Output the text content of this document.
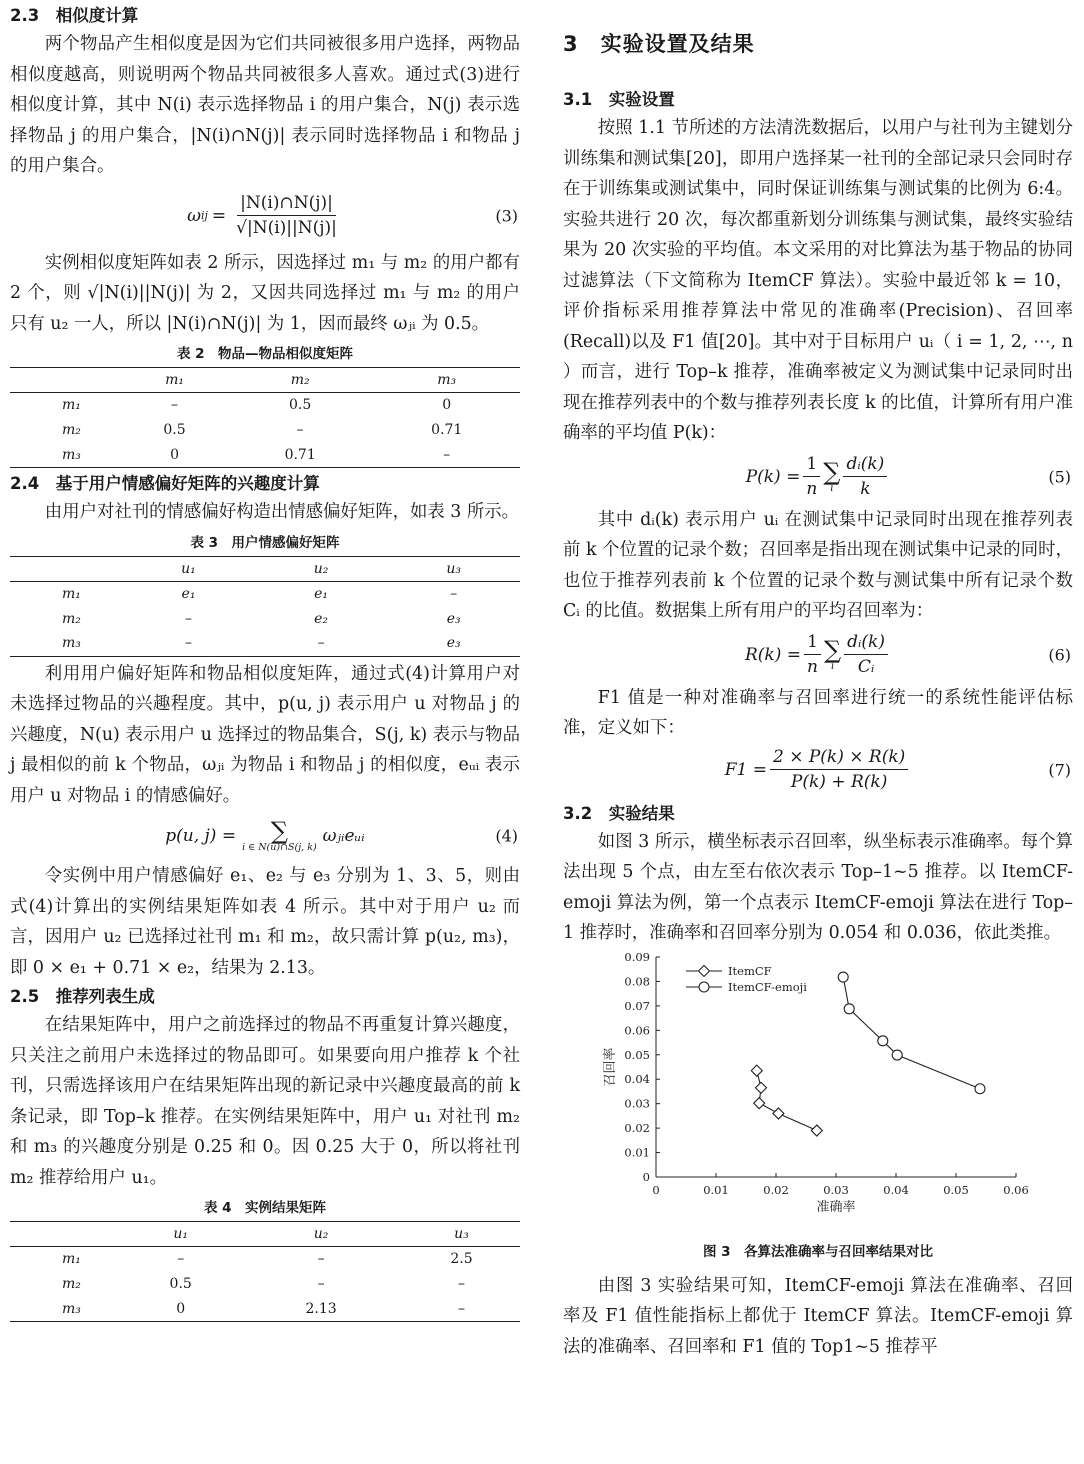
2.3　相似度计算
两个物品产生相似度是因为它们共同被很多用户选择，两物品相似度越高，则说明两个物品共同被很多人喜欢。通过式(3)进行相似度计算，其中 N(i) 表示选择物品 i 的用户集合，N(j) 表示选择物品 j 的用户集合，|N(i)∩N(j)| 表示同时选择物品 i 和物品 j 的用户集合。
ω ij = $\frac{|N(i)\cap N(j)|}{√|N(i)||N(j)|}$	(3)
实例相似度矩阵如表 2 所示，因选择过 m₁ 与 m₂ 的用户都有 2 个，则 √|N(i)||N(j)| 为 2，又因共同选择过 m₁ 与 m₂ 的用户只有 u₂ 一人，所以 |N(i)∩N(j)| 为 1，因而最终 ωⱼᵢ 为 0.5。
表 2　物品—物品相似度矩阵
	m₁	m₂	m₃
m₁	–	0.5	0
m₂	0.5	–	0.71
m₃	0	0.71	–
2.4　基于用户情感偏好矩阵的兴趣度计算
由用户对社刊的情感偏好构造出情感偏好矩阵，如表 3 所示。
表 3　用户情感偏好矩阵
	u₁	u₂	u₃
m₁	e₁	e₁	–
m₂	–	e₂	e₃
m₃	–	–	e₃
利用用户偏好矩阵和物品相似度矩阵，通过式(4)计算用户对未选择过物品的兴趣程度。其中，p(u, j) 表示用户 u 对物品 j 的兴趣度，N(u) 表示用户 u 选择过的物品集合，S(j, k) 表示与物品 j 最相似的前 k 个物品，ωⱼᵢ 为物品 i 和物品 j 的相似度，eᵤᵢ 表示用户 u 对物品 i 的情感偏好。
p(u, j) = ∑
i ∈ N(u)∩S(j, k)
ωⱼᵢeᵤᵢ	(4)
令实例中用户情感偏好 e₁、e₂ 与 e₃ 分别为 1、3、5，则由式(4)计算出的实例结果矩阵如表 4 所示。其中对于用户 u₂ 而言，因用户 u₂ 已选择过社刊 m₁ 和 m₂，故只需计算 p(u₂, m₃)，即 0 × e₁ + 0.71 × e₂，结果为 2.13。
2.5　推荐列表生成
在结果矩阵中，用户之前选择过的物品不再重复计算兴趣度，只关注之前用户未选择过的物品即可。如果要向用户推荐 k 个社刊，只需选择该用户在结果矩阵出现的新记录中兴趣度最高的前 k 条记录，即 Top–k 推荐。在实例结果矩阵中，用户 u₁ 对社刊 m₂ 和 m₃ 的兴趣度分别是 0.25 和 0。因 0.25 大于 0，所以将社刊 m₂ 推荐给用户 u₁。
表 4　实例结果矩阵
	u₁	u₂	u₃
m₁	–	–	2.5
m₂	0.5	–	–
m₃	0	2.13	–
3　实验设置及结果
3.1　实验设置
按照 1.1 节所述的方法清洗数据后，以用户与社刊为主键划分训练集和测试集[20]，即用户选择某一社刊的全部记录只会同时存在于训练集或测试集中，同时保证训练集与测试集的比例为 6:4。实验共进行 20 次，每次都重新划分训练集与测试集，最终实验结果为 20 次实验的平均值。本文采用的对比算法为基于物品的协同过滤算法（下文简称为 ItemCF 算法）。实验中最近邻 k = 10，评价指标采用推荐算法中常见的准确率(Precision)、召回率(Recall)以及 F1 值[20]。其中对于目标用户 uᵢ（ i = 1, 2, ⋯, n ）而言，进行 Top–k 推荐，准确率被定义为测试集中记录同时出现在推荐列表中的个数与推荐列表长度 k 的比值，计算所有用户准确率的平均值 P(k)：
$P(k) = \frac{1}{n}$ ∑
i $\frac{\text{dᵢ(k)}}{k}$	(5)
其中 dᵢ(k) 表示用户 uᵢ 在测试集中记录同时出现在推荐列表前 k 个位置的记录个数；召回率是指出现在测试集中记录的同时，也位于推荐列表前 k 个位置的记录个数与测试集中所有记录个数 Cᵢ 的比值。数据集上所有用户的平均召回率为：
$R(k) = \frac{1}{n}$ ∑
i $\frac{\text{dᵢ(k)}}{\text{Cᵢ}}$	(6)
F1 值是一种对准确率与召回率进行统一的系统性能评估标准，定义如下：
$F1 = \frac{2 \times P(k) \times R(k)}{P(k) + R(k)}$	(7)
3.2　实验结果
如图 3 所示，横坐标表示召回率，纵坐标表示准确率。每个算法出现 5 个点，由左至右依次表示 Top–1~5 推荐。以 ItemCF-emoji 算法为例，第一个点表示 ItemCF-emoji 算法在进行 Top–1 推荐时，准确率和召回率分别为 0.054 和 0.036，依此类推。
0
0.01
0.02
0.03
0.04
0.05
0.06
0.07
0.08
0.09
0	0.01	0.02	0.03	0.04	0.05	0.06
准确率
召回率
ItemCF
ItemCF-emoji
图 3　各算法准确率与召回率结果对比
由图 3 实验结果可知，ItemCF-emoji 算法在准确率、召回率及 F1 值性能指标上都优于 ItemCF 算法。ItemCF-emoji 算法的准确率、召回率和 F1 值的 Top1~5 推荐平
